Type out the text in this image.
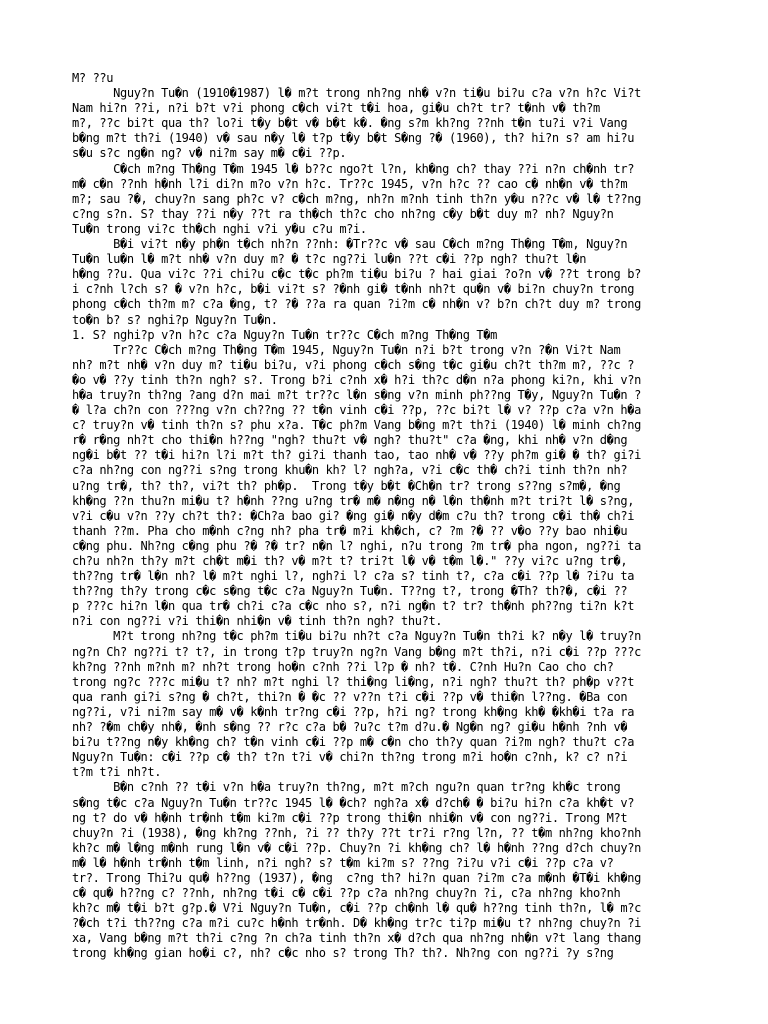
M? ??u
Nguy?n Tu�n (1910�1987) l� m?t trong nh?ng nh� v?n ti�u bi?u c?a v?n h?c Vi?t
Nam hi?n ??i, n?i b?t v?i phong c�ch vi?t t�i hoa, gi�u ch?t tr? t�nh v� th?m
m?, ??c bi?t qua th? lo?i t�y b�t v� b�t k�. �ng s?m kh?ng ??nh t�n tu?i v?i Vang
b�ng m?t th?i (1940) v� sau n�y l� t?p t�y b�t S�ng ?� (1960), th? hi?n s? am hi?u
s�u s?c ng�n ng? v� ni?m say m� c�i ??p.
C�ch m?ng Th�ng T�m 1945 l� b??c ngo?t l?n, kh�ng ch? thay ??i n?n ch�nh tr?
m� c�n ??nh h�nh l?i di?n m?o v?n h?c. Tr??c 1945, v?n h?c ?? cao c� nh�n v� th?m
m?; sau ?�, chuy?n sang ph?c v? c�ch m?ng, nh?n m?nh tinh th?n y�u n??c v� l� t??ng
c?ng s?n. S? thay ??i n�y ??t ra th�ch th?c cho nh?ng c�y b�t duy m? nh? Nguy?n
Tu�n trong vi?c th�ch nghi v?i y�u c?u m?i.
B�i vi?t n�y ph�n t�ch nh?n ??nh: �Tr??c v� sau C�ch m?ng Th�ng T�m, Nguy?n
Tu�n lu�n l� m?t nh� v?n duy m? � t?c ng??i lu�n ??t c�i ??p ngh? thu?t l�n
h�ng ??u. Qua vi?c ??i chi?u c�c t�c ph?m ti�u bi?u ? hai giai ?o?n v� ??t trong b?
i c?nh l?ch s? � v?n h?c, b�i vi?t s? ?�nh gi� t�nh nh?t qu�n v� bi?n chuy?n trong
phong c�ch th?m m? c?a �ng, t? ?� ??a ra quan ?i?m c� nh�n v? b?n ch?t duy m? trong
to�n b? s? nghi?p Nguy?n Tu�n.
1. S? nghi?p v?n h?c c?a Nguy?n Tu�n tr??c C�ch m?ng Th�ng T�m
Tr??c C�ch m?ng Th�ng T�m 1945, Nguy?n Tu�n n?i b?t trong v?n ?�n Vi?t Nam
nh? m?t nh� v?n duy m? ti�u bi?u, v?i phong c�ch s�ng t�c gi�u ch?t th?m m?, ??c ?
�o v� ??y tinh th?n ngh? s?. Trong b?i c?nh x� h?i th?c d�n n?a phong ki?n, khi v?n
h�a truy?n th?ng ?ang d?n mai m?t tr??c l�n s�ng v?n minh ph??ng T�y, Nguy?n Tu�n ?
� l?a ch?n con ???ng v?n ch??ng ?? t�n vinh c�i ??p, ??c bi?t l� v? ??p c?a v?n h�a
c? truy?n v� tinh th?n s? phu x?a. T�c ph?m Vang b�ng m?t th?i (1940) l� minh ch?ng
r� r�ng nh?t cho thi�n h??ng "ngh? thu?t v� ngh? thu?t" c?a �ng, khi nh� v?n d�ng
ng�i b�t ?? t�i hi?n l?i m?t th? gi?i thanh tao, tao nh� v� ??y ph?m gi� � th? gi?i
c?a nh?ng con ng??i s?ng trong khu�n kh? l? ngh?a, v?i c�c th� ch?i tinh th?n nh?
u?ng tr�, th? th?, vi?t th? ph�p.  Trong t�y b�t �Ch�n tr? trong s??ng s?m�, �ng
kh�ng ??n thu?n mi�u t? h�nh ??ng u?ng tr� m� n�ng n� l�n th�nh m?t tri?t l� s?ng,
v?i c�u v?n ??y ch?t th?: �Ch?a bao gi? �ng gi� n�y d�m c?u th? trong c�i th� ch?i
thanh ??m. Pha cho m�nh c?ng nh? pha tr� m?i kh�ch, c? ?m ?� ?? v�o ??y bao nhi�u
c�ng phu. Nh?ng c�ng phu ?� ?� tr? n�n l? nghi, n?u trong ?m tr� pha ngon, ng??i ta
ch?u nh?n th?y m?t ch�t m�i th? v� m?t t? tri?t l� v� t�m l�." ??y vi?c u?ng tr�,
th??ng tr� l�n nh? l� m?t nghi l?, ngh?i l? c?a s? tinh t?, c?a c�i ??p l� ?i?u ta
th??ng th?y trong c�c s�ng t�c c?a Nguy?n Tu�n. T??ng t?, trong �Th? th?�, c�i ??
p ???c hi?n l�n qua tr� ch?i c?a c�c nho s?, n?i ng�n t? tr? th�nh ph??ng ti?n k?t
n?i con ng??i v?i thi�n nhi�n v� tinh th?n ngh? thu?t.
M?t trong nh?ng t�c ph?m ti�u bi?u nh?t c?a Nguy?n Tu�n th?i k? n�y l� truy?n
ng?n Ch? ng??i t? t?, in trong t?p truy?n ng?n Vang b�ng m?t th?i, n?i c�i ??p ???c
kh?ng ??nh m?nh m? nh?t trong ho�n c?nh ??i l?p � nh? t�. C?nh Hu?n Cao cho ch?
trong ng?c ???c mi�u t? nh? m?t nghi l? thi�ng li�ng, n?i ngh? thu?t th? ph�p v??t
qua ranh gi?i s?ng � ch?t, thi?n � �c ?? v??n t?i c�i ??p v� thi�n l??ng. �Ba con
ng??i, v?i ni?m say m� v� k�nh tr?ng c�i ??p, h?i ng? trong kh�ng kh� �kh�i t?a ra
nh? ?�m ch�y nh�, �nh s�ng ?? r?c c?a b� ?u?c t?m d?u.� Ng�n ng? gi�u h�nh ?nh v�
bi?u t??ng n�y kh�ng ch? t�n vinh c�i ??p m� c�n cho th?y quan ?i?m ngh? thu?t c?a
Nguy?n Tu�n: c�i ??p c� th? t?n t?i v� chi?n th?ng trong m?i ho�n c?nh, k? c? n?i
t?m t?i nh?t.
B�n c?nh ?? t�i v?n h�a truy?n th?ng, m?t m?ch ngu?n quan tr?ng kh�c trong
s�ng t�c c?a Nguy?n Tu�n tr??c 1945 l� �ch? ngh?a x� d?ch� � bi?u hi?n c?a kh�t v?
ng t? do v� h�nh tr�nh t�m ki?m c�i ??p trong thi�n nhi�n v� con ng??i. Trong M?t
chuy?n ?i (1938), �ng kh?ng ??nh, ?i ?? th?y ??t tr?i r?ng l?n, ?? t�m nh?ng kho?nh
kh?c m� l�ng m�nh rung l�n v� c�i ??p. Chuy?n ?i kh�ng ch? l� h�nh ??ng d?ch chuy?n
m� l� h�nh tr�nh t�m linh, n?i ngh? s? t�m ki?m s? ??ng ?i?u v?i c�i ??p c?a v?
tr?. Trong Thi?u qu� h??ng (1937), �ng  c?ng th? hi?n quan ?i?m c?a m�nh �T�i kh�ng
c� qu� h??ng c? ??nh, nh?ng t�i c� c�i ??p c?a nh?ng chuy?n ?i, c?a nh?ng kho?nh
kh?c m� t�i b?t g?p.� V?i Nguy?n Tu�n, c�i ??p ch�nh l� qu� h??ng tinh th?n, l� m?c
?�ch t?i th??ng c?a m?i cu?c h�nh tr�nh. D� kh�ng tr?c ti?p mi�u t? nh?ng chuy?n ?i
xa, Vang b�ng m?t th?i c?ng ?n ch?a tinh th?n x� d?ch qua nh?ng nh�n v?t lang thang
trong kh�ng gian ho�i c?, nh? c�c nho s? trong Th? th?. Nh?ng con ng??i ?y s?ng
